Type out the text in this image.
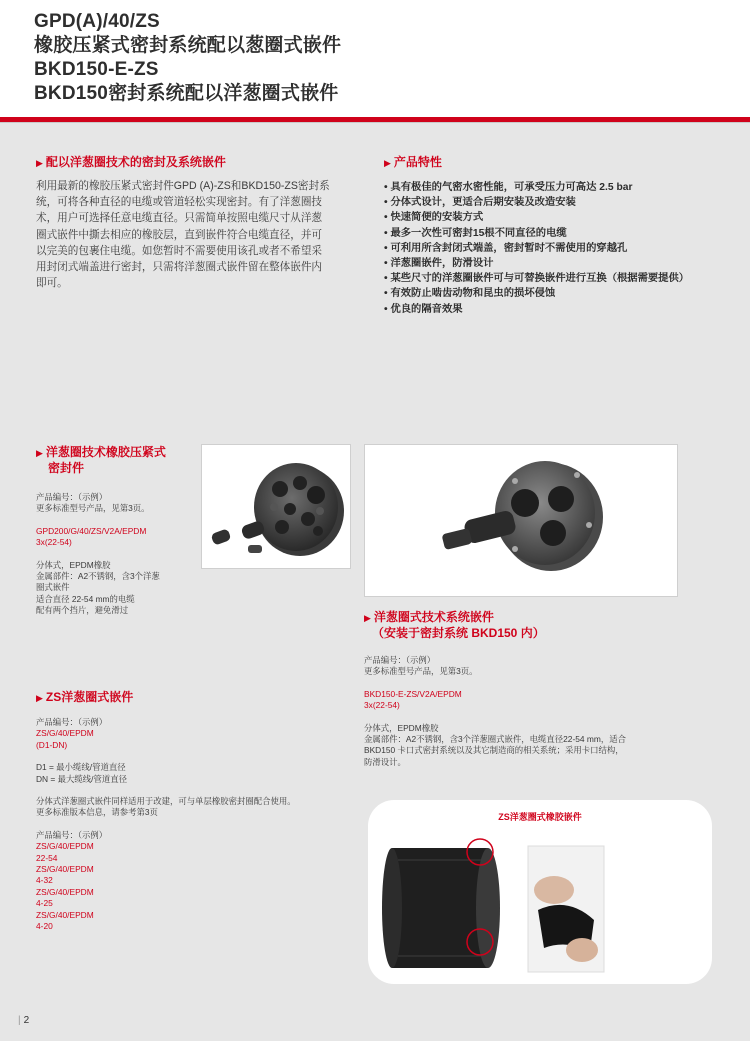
GPD(A)/40/ZS
橡胶压紧式密封系统配以葱圈式嵌件
BKD150-E-ZS
BKD150密封系统配以洋葱圈式嵌件
▶ 配以洋葱圈技术的密封及系统嵌件
利用最新的橡胶压紧式密封件GPD (A)-ZS和BKD150-ZS密封系
统，可将各种直径的电缆或管道轻松实现密封。有了洋葱圈技
术，用户可选择任意电缆直径。只需简单按照电缆尺寸从洋葱
圈式嵌件中撕去相应的橡胶层，直到嵌件符合电缆直径，并可
以完美的包裹住电缆。如您暂时不需要使用该孔或者不希望采
用封闭式端盖进行密封，只需将洋葱圈式嵌件留在整体嵌件内
即可。
▶ 产品特性
• 具有极佳的气密水密性能，可承受压力可高达 2.5 bar
• 分体式设计，更适合后期安装及改造安装
• 快速简便的安装方式
• 最多一次性可密封15根不同直径的电缆
• 可利用所含封闭式端盖，密封暂时不需使用的穿越孔
• 洋葱圈嵌件，防滑设计
• 某些尺寸的洋葱圈嵌件可与可替换嵌件进行互换（根据需要提供）
• 有效防止啮齿动物和昆虫的损坏侵蚀
• 优良的隔音效果
▶ 洋葱圈技术橡胶压紧式
密封件

产品编号：（示例）
更多标准型号产品，见第3页。

GPD200/G/40/ZS/V2A/EPDM
3x(22-54)

分体式，EPDM橡胶
金属部件：A2不锈钢，含3个洋葱
圈式嵌件
适合直径 22-54 mm的电缆
配有两个挡片，避免滑过

▶ 洋葱圈式技术系统嵌件
（安装于密封系统 BKD150 内）

产品编号：（示例）
更多标准型号产品，见第3页。

BKD150-E-ZS/V2A/EPDM
3x(22-54)

分体式，EPDM橡胶
金属部件：A2不锈钢，含3个洋葱圈式嵌件，电缆直径22-54 mm，适合
BKD150 卡口式密封系统以及其它制造商的相关系统；采用卡口结构，
防滑设计。

▶ ZS洋葱圈式嵌件

产品编号：（示例）
ZS/G/40/EPDM
(D1-DN)

D1 = 最小缆线/管道直径
DN = 最大缆线/管道直径

分体式洋葱圈式嵌件同样适用于改建，可与单层橡胶密封圈配合使用。
更多标准版本信息，请参考第3页

产品编号：（示例）
ZS/G/40/EPDM
22-54
ZS/G/40/EPDM
4-32
ZS/G/40/EPDM
4-25
ZS/G/40/EPDM
4-20

ZS洋葱圈式橡胶嵌件
| 2
